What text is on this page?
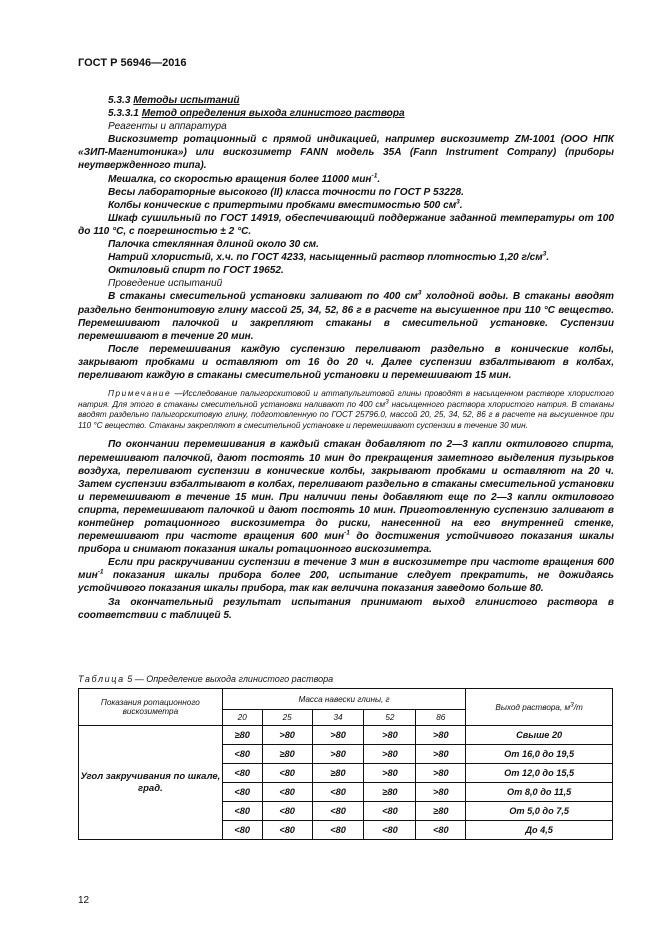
ГОСТ Р 56946—2016
5.3.3 Методы испытаний
5.3.3.1 Метод определения выхода глинистого раствора
Реагенты и аппаратура

Вискозиметр ротационный с прямой индикацией, например вискозиметр ZM-1001 (ООО НПК «ЗИП-Магнитоника») или вискозиметр FANN модель 35A (Fann Instrument Company) (приборы неутвержденного типа).

Мешалка, со скоростью вращения более 11000 мин$^{-1}$.

Весы лабораторные высокого (II) класса точности по ГОСТ Р 53228.

Колбы конические с притертыми пробками вместимостью 500 $см^3$.

Шкаф сушильный по ГОСТ 14919, обеспечивающий поддержание заданной температуры от 100 до 110 °С, с погрешностью ± 2 °С.

Палочка стеклянная длиной около 30 см.

Натрий хлористый, х.ч. по ГОСТ 4233, насыщенный раствор плотностью 1,20 $г/см^3$.

Октиловый спирт по ГОСТ 19652.

Проведение испытаний

В стаканы смесительной установки заливают по 400 $см^3$ холодной воды. В стаканы вводят раздельно бентонитовую глину массой 25, 34, 52, 86 г в расчете на высушенное при 110 °С вещество. Перемешивают палочкой и закрепляют стаканы в смесительной установке. Суспензии перемешивают в течение 20 мин.

После перемешивания каждую суспензию переливают раздельно в конические колбы, закрывают пробками и оставляют от 16 до 20 ч. Далее суспензии взбалтывают в колбах, переливают каждую в стаканы смесительной установки и перемешивают 15 мин.

Примечание —Исследование палыгорскитовой и аттапульгитовой глины проводят в насыщенном растворе хлористого натрия. Для этого в стаканы смесительной установки наливают по 400 $см^3$ насыщенного раствора хлористого натрия. В стаканы вводят раздельно палыгорскитовую глину, подготовленную по ГОСТ 25796.0, массой 20, 25, 34, 52, 86 г в расчете на высушенное при 110 °С вещество. Стаканы закрепляют в смесительной установке и перемешивают суспензии в течение 30 мин.

По окончании перемешивания в каждый стакан добавляют по 2—3 капли октилового спирта, перемешивают палочкой, дают постоять 10 мин до прекращения заметного выделения пузырьков воздуха, переливают суспензии в конические колбы, закрывают пробками и оставляют на 20 ч. Затем суспензии взбалтывают в колбах, переливают раздельно в стаканы смесительной установки и перемешивают в течение 15 мин. При наличии пены добавляют еще по 2—3 капли октилового спирта, перемешивают палочкой и дают постоять 10 мин. Приготовленную суспензию заливают в контейнер ротационного вискозиметра до риски, нанесенной на его внутренней стенке, перемешивают при частоте вращения 600 мин$^{-1}$ до достижения устойчивого показания шкалы прибора и снимают показания шкалы ротационного вискозиметра.

Если при раскручивании суспензии в течение 3 мин в вискозиметре при частоте вращения 600 мин$^{-1}$ показания шкалы прибора более 200, испытание следует прекратить, не дожидаясь устойчивого показания шкалы прибора, так как величина показания заведомо больше 80.

За окончательный результат испытания принимают выход глинистого раствора в соответствии с таблицей 5.

Таблица 5 — Определение выхода глинистого раствора
Показания ротационного вискозиметра	Масса навески глины, г					Выход раствора, $м^3/т$
	20	25	34	52	86	
Угол закручивания по шкале, град.	≥80	>80	>80	>80	>80	Свыше 20
	<80	≥80	>80	>80	>80	От 16,0 до 19,5
	<80	<80	≥80	>80	>80	От 12,0 до 15,5
	<80	<80	<80	≥80	>80	От 8,0 до 11,5
	<80	<80	<80	<80	≥80	От 5,0 до 7,5
	<80	<80	<80	<80	<80	До 4,5
12
